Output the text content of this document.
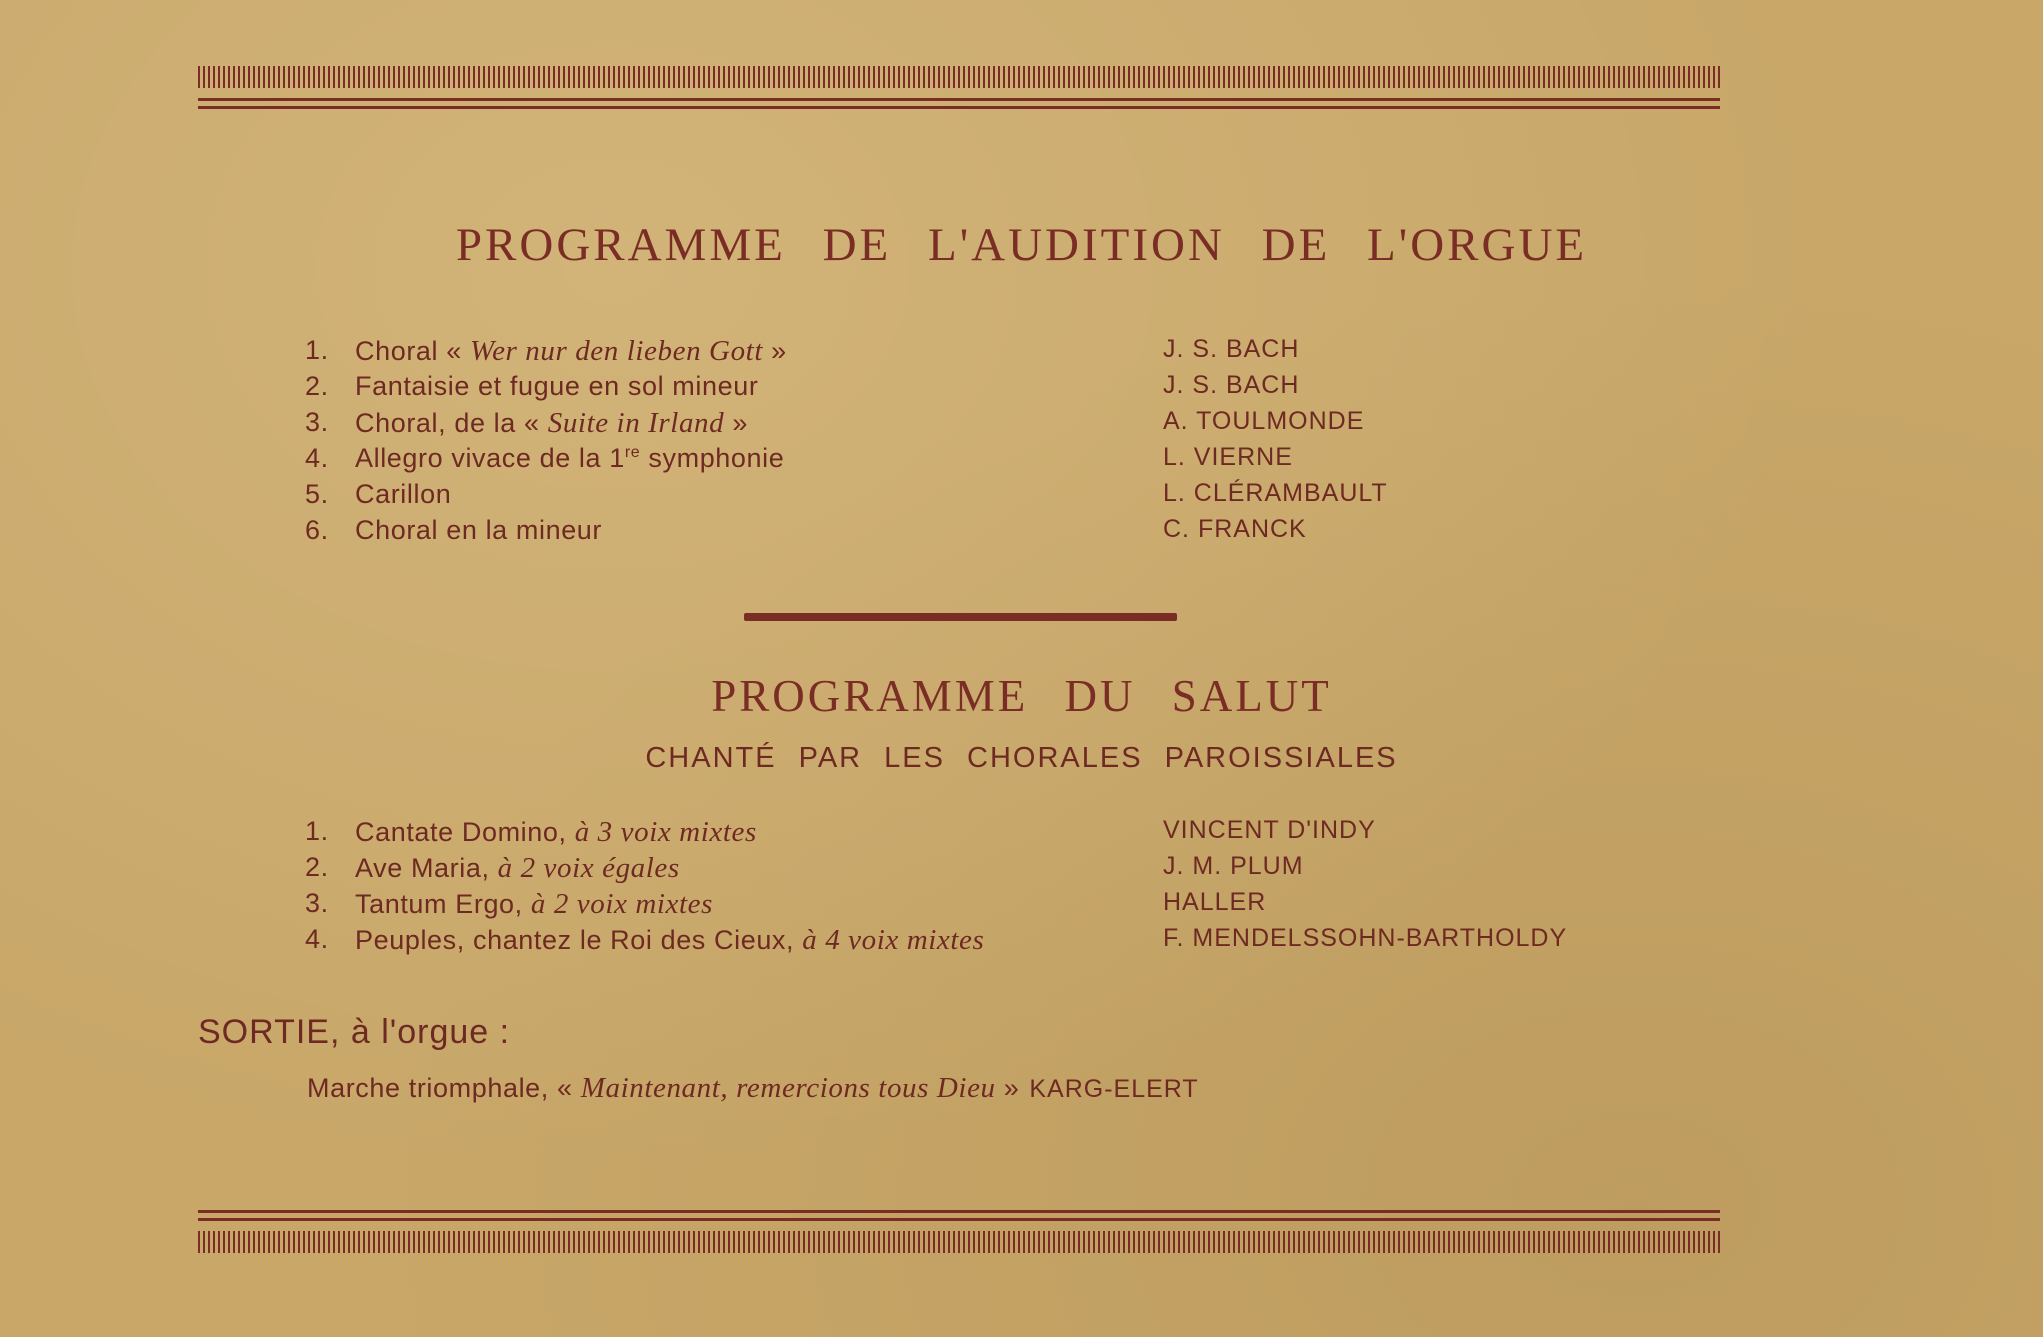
PROGRAMME DE L'AUDITION DE L'ORGUE
1. Choral « Wer nur den lieben Gott »	J. S. BACH
2. Fantaisie et fugue en sol mineur	J. S. BACH
3. Choral, de la « Suite in Irland »	A. TOULMONDE
4. Allegro vivace de la 1re symphonie	L. VIERNE
5. Carillon	L. CLÉRAMBAULT
6. Choral en la mineur	C. FRANCK
PROGRAMME DU SALUT
CHANTÉ PAR LES CHORALES PAROISSIALES
1. Cantate Domino, à 3 voix mixtes	VINCENT D'INDY
2. Ave Maria, à 2 voix égales	J. M. PLUM
3. Tantum Ergo, à 2 voix mixtes	HALLER
4. Peuples, chantez le Roi des Cieux, à 4 voix mixtes	F. MENDELSSOHN-BARTHOLDY
SORTIE, à l'orgue :
Marche triomphale, « Maintenant, remercions tous Dieu » KARG-ELERT
